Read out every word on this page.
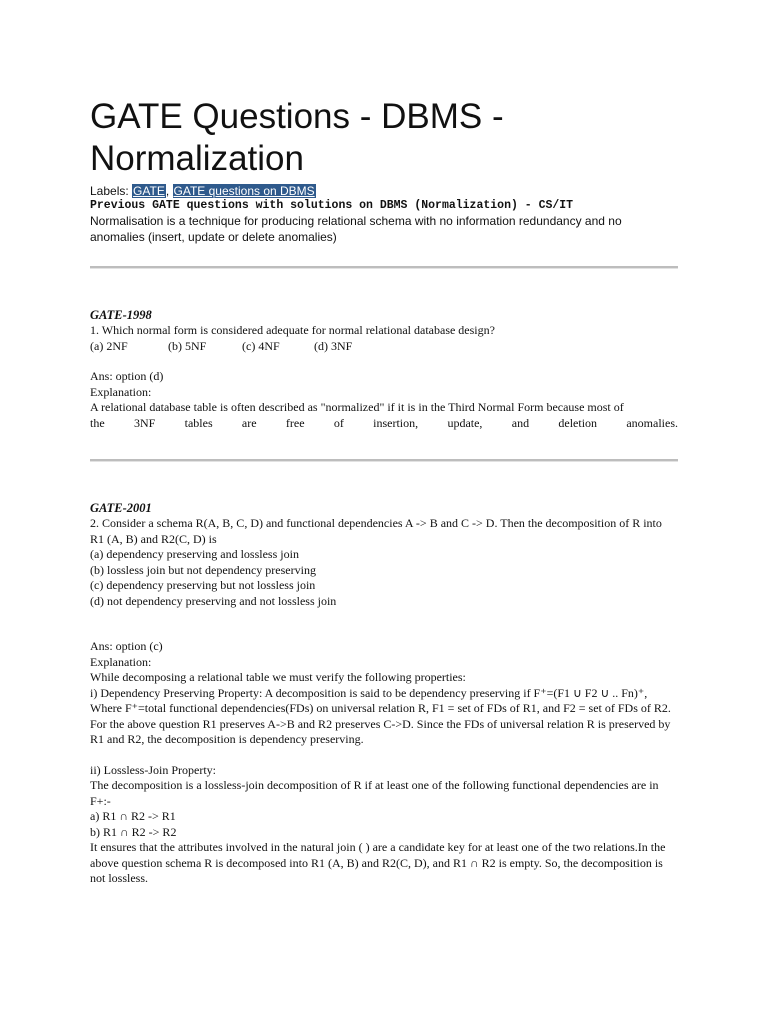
GATE Questions - DBMS -
Normalization
Labels: GATE, GATE questions on DBMS
Previous GATE questions with solutions on DBMS (Normalization) - CS/IT
Normalisation is a technique for producing relational schema with no information redundancy and no anomalies (insert, update or delete anomalies)
GATE-1998
1. Which normal form is considered adequate for normal relational database design?
(a) 2NF	(b) 5NF	(c) 4NF	(d) 3NF
Ans: option (d)
Explanation:
A relational database table is often described as "normalized" if it is in the Third Normal Form because most of
the 3NF tables are free of insertion, update, and deletion anomalies.
GATE-2001
2. Consider a schema R(A, B, C, D) and functional dependencies A -> B and C -> D. Then the decomposition of R into R1 (A, B) and R2(C, D) is
(a) dependency preserving and lossless join
(b) lossless join but not dependency preserving
(c) dependency preserving but not lossless join
(d) not dependency preserving and not lossless join
Ans: option (c)
Explanation:
While decomposing a relational table we must verify the following properties:
i) Dependency Preserving Property: A decomposition is said to be dependency preserving if F⁺=(F1 ∪ F2 ∪ .. Fn)⁺, Where F⁺=total functional dependencies(FDs) on universal relation R, F1 = set of FDs of R1, and F2 = set of FDs of R2.
For the above question R1 preserves A->B and R2 preserves C->D. Since the FDs of universal relation R is preserved by R1 and R2, the decomposition is dependency preserving.
ii) Lossless-Join Property:
The decomposition is a lossless-join decomposition of R if at least one of the following functional dependencies are in F+:-
a) R1 ∩ R2 -> R1
b) R1 ∩ R2 -> R2
It ensures that the attributes involved in the natural join ( ) are a candidate key for at least one of the two relations.In the above question schema R is decomposed into R1 (A, B) and R2(C, D), and R1 ∩ R2 is empty. So, the decomposition is not lossless.
